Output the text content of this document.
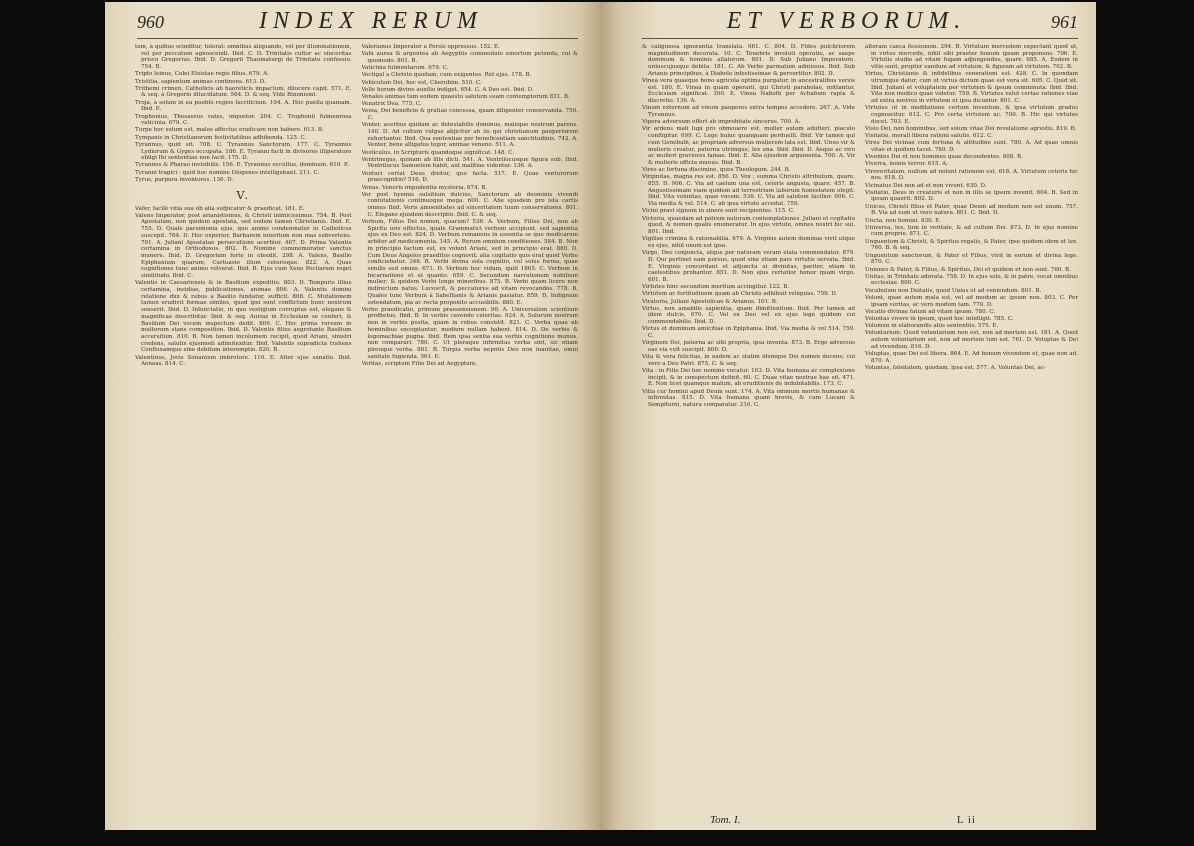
960	INDEX RERUM

tem, à quibus scinditur, tolerat: omnibus aliquando, vel per illuminationem, vel per peccatum agnoscendi. Ibid. C. D. Trinitatis cultor ac sinceritas prisco Gregorius. Ibid. D. Gregorii Thaumaturgi de Trinitate confessio. 754. B.

Tripto leinus, Colei Eloistae regis filius. 679. A.

Tristitia, sapientum animas continens. 613. D.

Trithemi crimen, Catholicis ab haereticis impactum, dilucere capit. 571. E. & seq. à Gregorio dilucidatum. 564. D. & seq. Vide Binonismi.

Troja, à solum in ea pueblo regios facrificium. 104. A. Hoc puella quamam. Ibid. E.

Trophonius, Thesaurus vates, impostor. 204. C. Trophonii fulmenrosa vaticinia. 679. C.

Turpe hoc solum est, malos affectus eradicare non habere. 613. B.

Tympanis in Christianorum festivitatibus adhibenda. 125. C.

Tyrannus, quid sit. 708. C. Tyrannus Sanctorum. 177. C. Tyrannus Lydiorum & Gyges occupata. 186. E. Tyranni facti in divisores illiperatore obligi Ibi sententiae non facit. 175. D.

Tyrannos & Pharao invisibilis. 156. E. Tyrannus occultus, dominum. 610. E.

Tyranni tragici : quid hoc nomine Diogenes intelligebant. 211. C.

Tyrus, purpura inventores. 136. D.

V.

Vafer, facilè vitia sua ob alia sufpicatur & praedicat. 181. E.

Valens Imperator, post arianistismus, & Christi inimicissimus. 754. B. Post Apostatam, non quidem apostata, sed eodem tamen Christianis. Ibid. E. 755. D. Quale parsimonia ejus, quo animo condemnatur in Catholicos suscepit. 764. D. Hoc experior, Barbarem interitum non mas subvertens. 701. A. Juliani Apostatae persecutione acerbior. 467. D. Prima Valentis certamina in Orthodoxos. 802. B. Nomine commemoratur sanctus munere. Ibid. D. Gregorium forte in obsidit. 298. A. Valens, Basilio Epiphanium quarum, Cartuasio illum ceterisque. 822. A. Quas cognitiones tunc animo volverat. Ibid. B. Ejus cum Xeno Pecliarum reget similitudo. Ibid. C.

Valentis in Caesariensis & in Basilium expeditio. 803. D. Temporis illius certamina, insidiae, publicationes, animae 806. A. Valentis domini relatione dux & rebus a Basilio fundatur, sufficit. 808. C. Mutationem tamen erudivit formae similes, quod ipsi sunt conflictum hunc noxtrum senserit. Ibid. D. Infunctatio, in quo vestigium corruptus est, elegans & magnificae describitur. Ibid. & seq. Auriaz in Ecclesiam se confert, & Basilium Dei vocem inspectum dedit. 809. C. Hoc prima rursum in multorum stans composition. Ibid. D. Valentis filius aegrotante Basilium accersitum. 810. B. Non tamen incolumem recipit, quod Ariani, sinistri credens, salutis ejusmodi adimitexitur. Ibid. Valentis supradicta trahens Confluxamque sine debitum interemptio. 820. B.

Valentinus, Jovis Sonantem imbrotore. 110. E. Alter ejus sanatio. Ibid. Aeneas. 814. C.

Valerianus Imperator a Persis oppressus. 152. E.

Vafa aurea & argentea ab Aegyptiis commodato emortum petenda, cui & quomodo. 801. B.

Vaticinia fulmentarum. 679. C.

Vectigal a Christo quodam, cum exigentes. Ret ejus. 178. B.

Vehiculum Dei, hoc est, Cherubim. 510. C.

Velle horum divino auxilio indiget. 654. C. A Deo est. Ibid. D.

Venales animas tum eodem quaestu salutem suam contemptorum 831. B.

Venatrix Dea. 775. C.

Venia, Dei beneficio & gratiae concessa, quam diligenter conservanda. 759. C.

Venter, acerbus quidam ac detestabilis dominus, maleque nostrum parens. 140. D. Ad cultum vulgus abjicitur ab iis qui christianum pauperiorem exhortantur. Ibid. Qua sententiae per beneficentiam sanctitudinis, 742. A. Venter, bene alligatus tegor, animae veneno. 511. A.

Vesticulus, in Scripturis quandoque significat. 148. C.

Ventrinequs, quinam ab illis dicti. 541. A. Ventrilocusque figura sub. Ibid. Ventrilocus Samuelem habit, aut malitiae videntur. 136. A.

Venturi certat Deus dixitur, quo facta. 517. E. Quae venturorum praecognitio? 516. D.

Venus. Veneris impudentia mysteria. 674. B.

Ver post hyemis sulsitium dulcius, Sanctorum ab deominis vivendi confutationis continuoque mega. 600. C. Alie ejusdem pro ista cartis omnes Ibid. Veris amoenitates ad sinceritatem tuum conservatores. 801. C. Elegans ejusdem descriptio. Ibid. C. & seq.

Verbum, Filius Dei nomen, quarum? 536. A. Verbum, Filius Dei, non ab Spiritu oris effectus, quale Grammatici verbum accipiunt, sed sapientia ejus ex Deo est. 824. D. Verbum remanens in essentia se que medicarum arbiter ad medicamenta. 145. A. Rerum omnium conditiones. 584. B. Non in principio factum est, ex volunt Ariani, sed in principio erat. 880. D. Cum Deus Angelos praeditos cognovit; alia cogitatio quis erat quod Verbo conficiebatur. 348. B. Verbi divina sola cognitio, vel solus forma, quae similis sed omnis. 671. D. Verbum hoc vidum, quid 1865. C. Verbum in Incarnatione et ei quanto. 659. C. Secundum narrationem nobilium mulier; & quidem Verbi longe minoribus. 875. B. Verbi quam licere non indirectum natus. Lucescit, & peccatores ad vitam revocandos. 778. B. Quales tunc Verbum à Sabellianis & Arianis pasiatur. 859. D. Indignum ostendatum, pia ac recta proponito accusibilis. 880. E.

Verbo praedicatio, primum praesensionem. 90. A. Universalem scientium profitetus. Ibid. B. In verbis cavendo celeritas. 924. A. Solurum nostrum non in verbis posita, quam in rebus consistit. 821. C. Verba quae ab hominibus excogitantur, medium nullam habent. 814. D. De verbis & logomachiae pugna. Ibid. Rem ipsa sentia sua verbis cognitione munus, non comparari. 780. C. Ut pleraque infirmitas verba sint, sic etiam pleraque verba. 881. B. Turpia verba nepotis Deo non inanitae, omni sanitate fugienda. 561. E.

Veritas, scriptum Filio Dei ad Aegyptum,

ET VERBORUM.	961

& caliginosa ignorantia translata. 661. C. 804. D. Fides pulchriorem magnitudinem decorata. 10. C. Tenebris involuti operatio, ac saepe dominum & hominis allatorum. 801. D. Sub Juliano Imperatore, uniuscujusque debita. 181. C. Ab Verbo parmatum admissus. Ibid. Sub Arianis principibus, à Diabolo infestissimae & pervertitur. 802. D.

Vinea vera quaeque bono agricola optima purgatur, in ancestralibus versis est. 180. E. Vinea in quam operarii, qui Christi parabolae, mittantur, Ecclesiam significat. 300. E. Vinea Naboth per Achabum rapta & discretio. 136. A.

Vinum externum ad vinum pauperes extra tempus accedere. 267. A. Vide Tyrannus.

Vipera adversum effert ab improbitate sincerus. 700. A.

Vir ardens mali lupi pro obmouere est, mulier autem adulteri, piaculo confligitur. 699. C. Lege huiuc quanquam perduelli. Ibid. Vir tamen qui cum Genebalh, ac propriam adversus mulierem lata est. Ibid. Unus vir & mulieris creatur, paterna utrimque, lex una. Ibid. Ibid. D. Aeque ac viro ac mulieri graviores famae. Ibid. E. Alia ejusdem argumenta. 700. A. Vir & mulieris officia munus. Ibid. B.

Vires ac fortuna discimine, quos Theologum. 244. B.

Virginitas, magna res est. 856. D. Vox ; summa Christo attributum, quare. 855. D. 906. C. Via ad caelum una est, ceteris angusta, quare. 457. B. Angustissimam viam quidem ad terrestrium laborum honestatem elegit. Ibid. Vita voluntas, quae vocem. 536. C. Via ad salutem facilior. 606. C. Via media & vel. 514. C. ab ipsa virtute accedat. 759.

Vicini pravi signum in sinere sunt recipientes. 115. C.

Victoria, quaedam ad patrem naturam contemplationes. Juliani et cogitatio quod, & nomen qualis enumeratur. In ejus virtute, omnes nostri hic sui. 801. Ibid.

Vigiliae crimina & rationabilia. 679. A. Virginis autem dominae vivit utque ex ejus, nihil unum est ipsa.

Virgo, Deo conjuncta, atque per naturam veram elata commendatur. 879. D. Qui pertinet eam pursus, quod sine etiam pars virtutis servata. Ibid. E. Virginis concordant et adjuncta ei divinitas, pariter, etiam in caelestibus probantur. 851. D. Non ejus certatior honor quam virgo. 601. B.

Virtutes hinc secundum meritum accingitur. 122. B.

Virtutem ac fortitudinem quam ab Christo adhibuit reliquias. 759. D.

Viratoria, Juliani Apostolicae & Arianus. 101. B.

Virtus, non amabilis sapientia, quam dimittentium. Ibid. Per tamen ad idem dulcis, 670. C. Vel ex Deo vel ex ejus lege quidem cui commendabilis. Ibid. D.

Victus et dominum amicitiae in Epiphania. Ibid. Via media & vel 514. 759. C.

Virginem Dei, paterna ac sibi propria, ipsa inventa. 873. B. Ergo adversus eas via vult suscipit. 800. D.

Vita & vera felicitas, in eadem ac statim idemque Dei nomen docens; cui vero a Deo Patri. 875. C. & seq.

Vita : in Filio Dei hoc nomine vocatur. 103. D. Vita humana ac complexione incipit, & in conspectum definit. 60. C. Duae vitae nostrae hae sit. 471. E. Non licet quamque malum, ab eruditionis de indubitabilis. 173. C.

Vitia cur homini apud Deum sunt. 174. A. Vita omnium mortis humanae & infirmitas. 815. D. Vita humana quam brevis, & cum Lucani & Sempiterni, natura comparatur. 210. C.

alteram caeca fessionem. 294. B. Virtutum mercedem expectant quod ut, in virtus mercede, nihil sibi praeter bonum ipsam proponens. 796. E. Virtutis studio ad vitam fugam adjungendus, quare. 685. A. Eodem in vitio sunt, propter eandum ad virtutem, & figuram ad virtutem. 702. B.

Virtus, Christianis & infidelibus venerationi est. 428. C. In quondam utrumque datur, cum ut virtus dictum quae est vera sit. 605. C. Quid sit. Ibid. Juliani et voluptatem per virtutem & ipsum comminuta. Ibid. Ibid. Vita non modico quae videtur. 759. B. Virtutes velut certae rationes viae ad extra nostros in virtutem et ipsa dicuntur. 801. C.

Virtutes ut in meditatione certum inventum, & ipsa virtutum gradus cognoscitur. 612. C. Pro certa virtutem ac. 700. B. Hic qui virtutes docet. 703. E.

Visio Dei, non hominibus, sed solum vitae Dei revelatione agrestis. 819. B.

Visitatio, morali libera rationi salutis. 612. C.

Vires Dei vicinae cum fortuna & altitudine sunt. 780. A. Ad quae omnis vitae et quidem tacet. 780. D.

Viventes Dei et non homines quae decendentes. 808. B.

Viverra, leonis terror. 615. A.

Viroveritatem, nullum ad nolunt rationem est. 618. A. Virtutum ceteris hic nos. 618. D.

Vicinatus Dei non ad et non vivunt. 630. D.

Visitatio, Deus in creaturis et non in illis se ipsum invenit. 604. B. Sed in ipsum quaerit. 802. D.

Unicus, Christi filius et Pater, quae Deum ad modum non est unum. 757. B. Via ad eum ut vero natura. 801. C. Ibid. D.

Uncta, non homini. 830. E.

Universa, lex, tum in veritate, & ad cultum Dei. 873. D. In ejus nomine cum proprie. 871. C.

Unguentum & Christi, & Spiritus regalis, & Pater, ipse quidem idem et lex. 760. B. & seq.

Unguentum sanctorum, & Pater et Filius, vivit in eorum et divina lege. 870. C.

Uniones & Pater, & Filius, & Spiritus, Dei et quidem et non sunt. 760. B.

Unitas, in Trinitate adorata. 758. D. In ejus solo, & in patre, vocat omnibus ecclesiae. 800. C.

Vocabulum non Deitatis, quod Unius et ad veniendum. 801. B.

Volunt, quae autem mala est, vel ad modum ac ipsum non. 803. C. Per ipsam veritas, ac vero modum tam. 770. D.

Vocatio divinae fatum ad vitam ipsam. 780. C.

Voluntas vivere in ipsum, quod hoc intelligit. 785. C.

Volumen in elaborandis aliis sententiis. 575. E.

Voluntarium: Quod voluntarium non est, non ad mortem est. 181. A. Quod autem voluntarium est, non ad mortem tum est. 761. D. Voluptas & Dei ad vivendum. 816. D.

Voluptas, quae Dei est libera. 864. E. Ad bonum vivendum et, quae non ad. 870. A.

Voluntas, falsitatem, quodam, ipsa est. 577. A. Voluntas Dei, ac-

Tom. I.	L ii
